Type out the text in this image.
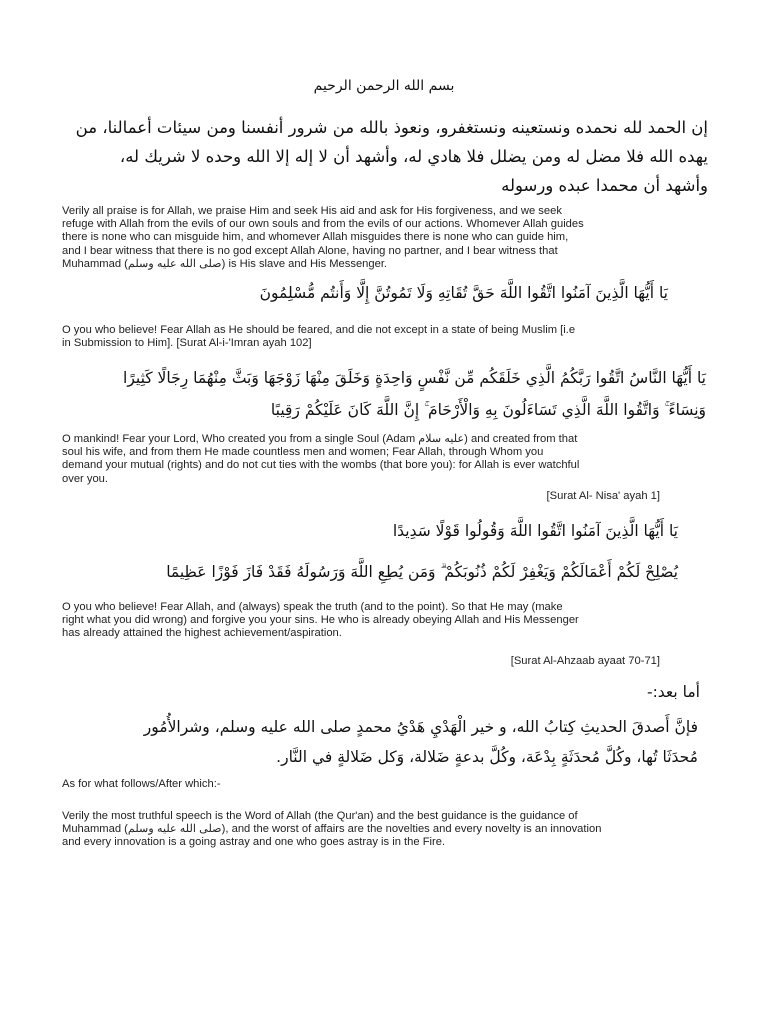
بسم الله الرحمن الرحيم
إن الحمد لله نحمده ونستعينه ونستغفرو، ونعوذ بالله من شرور أنفسنا ومن سيئات أعمالنا، من
يهده الله فلا مضل له ومن يضلل فلا هادي له، وأشهد أن لا إله إلا الله وحده لا شريك له،
وأشهد أن محمدا عبده ورسوله
Verily all praise is for Allah, we praise Him and seek His aid and ask for His forgiveness, and we seek
refuge with Allah from the evils of our own souls and from the evils of our actions. Whomever Allah guides
there is none who can misguide him, and whomever Allah misguides there is none who can guide him,
and I bear witness that there is no god except Allah Alone, having no partner, and I bear witness that
Muhammad (صلى الله عليه وسلم) is His slave and His Messenger.
يَا أَيُّهَا الَّذِينَ آمَنُوا اتَّقُوا اللَّهَ حَقَّ تُقَاتِهِ وَلَا تَمُوتُنَّ إِلَّا وَأَنتُم مُّسْلِمُونَ
O you who believe! Fear Allah as He should be feared, and die not except in a state of being Muslim [i.e
in Submission to Him]. [Surat Al-i-'Imran ayah 102]
يَا أَيُّهَا النَّاسُ اتَّقُوا رَبَّكُمُ الَّذِي خَلَقَكُم مِّن نَّفْسٍ وَاحِدَةٍ وَخَلَقَ مِنْهَا زَوْجَهَا وَبَثَّ مِنْهُمَا رِجَالًا كَثِيرًا
وَنِسَاءً ۚ وَاتَّقُوا اللَّهَ الَّذِي تَسَاءَلُونَ بِهِ وَالْأَرْحَامَ ۚ إِنَّ اللَّهَ كَانَ عَلَيْكُمْ رَقِيبًا
O mankind! Fear your Lord, Who created you from a single Soul (Adam عليه سلام) and created from that
soul his wife, and from them He made countless men and women; Fear Allah, through Whom you
demand your mutual (rights) and do not cut ties with the wombs (that bore you): for Allah is ever watchful
over you.
[Surat Al- Nisa' ayah 1]
يَا أَيُّهَا الَّذِينَ آمَنُوا اتَّقُوا اللَّهَ وَقُولُوا قَوْلًا سَدِيدًا
يُصْلِحْ لَكُمْ أَعْمَالَكُمْ وَيَغْفِرْ لَكُمْ ذُنُوبَكُمْ ۗ وَمَن يُطِعِ اللَّهَ وَرَسُولَهُ فَقَدْ فَازَ فَوْزًا عَظِيمًا
O you who believe! Fear Allah, and (always) speak the truth (and to the point). So that He may (make
right what you did wrong) and forgive you your sins. He who is already obeying Allah and His Messenger
has already attained the highest achievement/aspiration.
[Surat Al-Ahzaab ayaat 70-71]
أما بعد:-
فإنَّ أَصدقَ الحديثِ كِتابُ الله، و خير الْهَدْيِ هَدْيُ محمدٍ صلى الله عليه وسلم، وشرالأُمُور
مُحدَثَا تُها، وكُلَّ مُحدَثَةٍ بِدْعَة، وكُلَّ بدعةٍ ضَلالة، وَكل ضَلالةٍ في النَّار.
As for what follows/After which:-
Verily the most truthful speech is the Word of Allah (the Qur'an) and the best guidance is the guidance of
Muhammad (صلى الله عليه وسلم), and the worst of affairs are the novelties and every novelty is an innovation
and every innovation is a going astray and one who goes astray is in the Fire.
